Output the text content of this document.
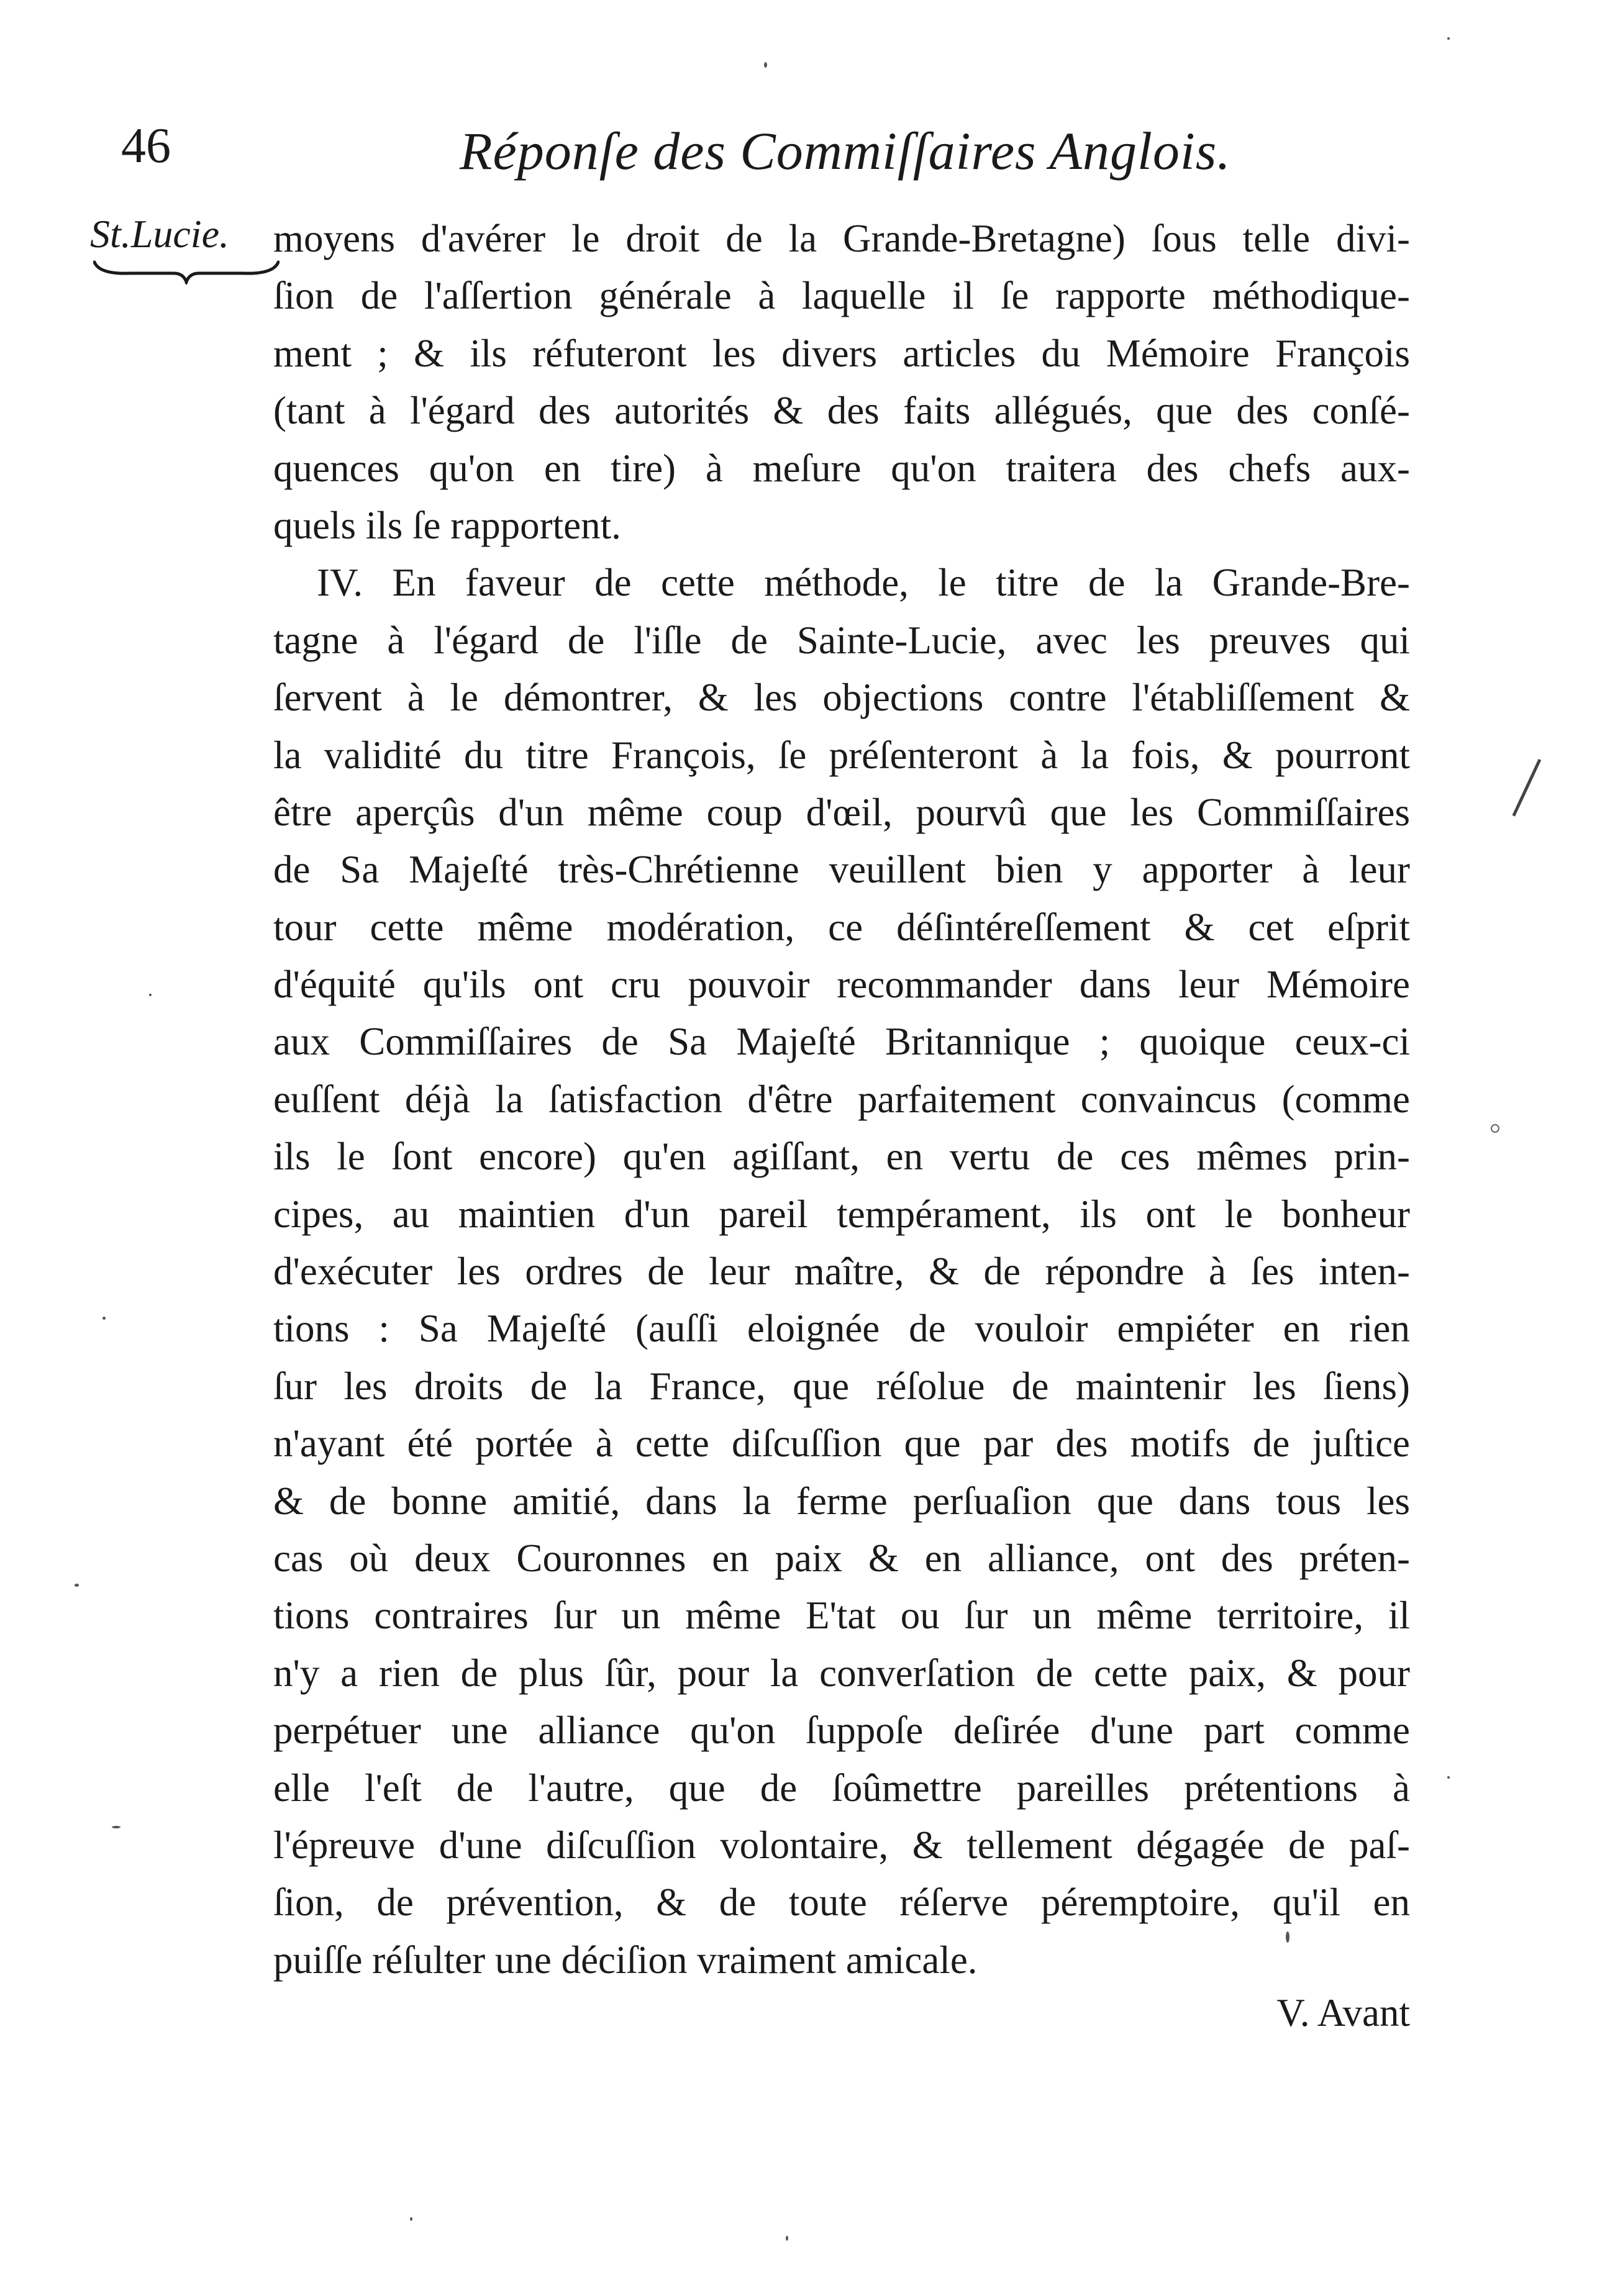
46	Réponſe des Commiſſaires Anglois.
St.Lucie. moyens d'avérer le droit de la Grande-Bretagne) ſous telle divi-
ſion de l'aſſertion générale à laquelle il ſe rapporte méthodique-
ment ; & ils réfuteront les divers articles du Mémoire François
(tant à l'égard des autorités & des faits allégués, que des conſé-
quences qu'on en tire) à meſure qu'on traitera des chefs aux-
quels ils ſe rapportent.
IV. En faveur de cette méthode, le titre de la Grande-Bre-
tagne à l'égard de l'iſle de Sainte-Lucie, avec les preuves qui
ſervent à le démontrer, & les objections contre l'établiſſement &
la validité du titre François, ſe préſenteront à la fois, & pourront
être aperçûs d'un même coup d'œil, pourvû que les Commiſſaires
de Sa Majeſté très-Chrétienne veuillent bien y apporter à leur
tour cette même modération, ce déſintéreſſement & cet eſprit
d'équité qu'ils ont cru pouvoir recommander dans leur Mémoire
aux Commiſſaires de Sa Majeſté Britannique ; quoique ceux-ci
euſſent déjà la ſatisfaction d'être parfaitement convaincus (comme
ils le ſont encore) qu'en agiſſant, en vertu de ces mêmes prin-
cipes, au maintien d'un pareil tempérament, ils ont le bonheur
d'exécuter les ordres de leur maître, & de répondre à ſes inten-
tions : Sa Majeſté (auſſi eloignée de vouloir empiéter en rien
ſur les droits de la France, que réſolue de maintenir les ſiens)
n'ayant été portée à cette diſcuſſion que par des motifs de juſtice
& de bonne amitié, dans la ferme perſuaſion que dans tous les
cas où deux Couronnes en paix & en alliance, ont des préten-
tions contraires ſur un même E'tat ou ſur un même territoire, il
n'y a rien de plus ſûr, pour la converſation de cette paix, & pour
perpétuer une alliance qu'on ſuppoſe deſirée d'une part comme
elle l'eſt de l'autre, que de ſoûmettre pareilles prétentions à
l'épreuve d'une diſcuſſion volontaire, & tellement dégagée de paſ-
ſion, de prévention, & de toute réſerve péremptoire, qu'il en
puiſſe réſulter une déciſion vraiment amicale.
V. Avant
